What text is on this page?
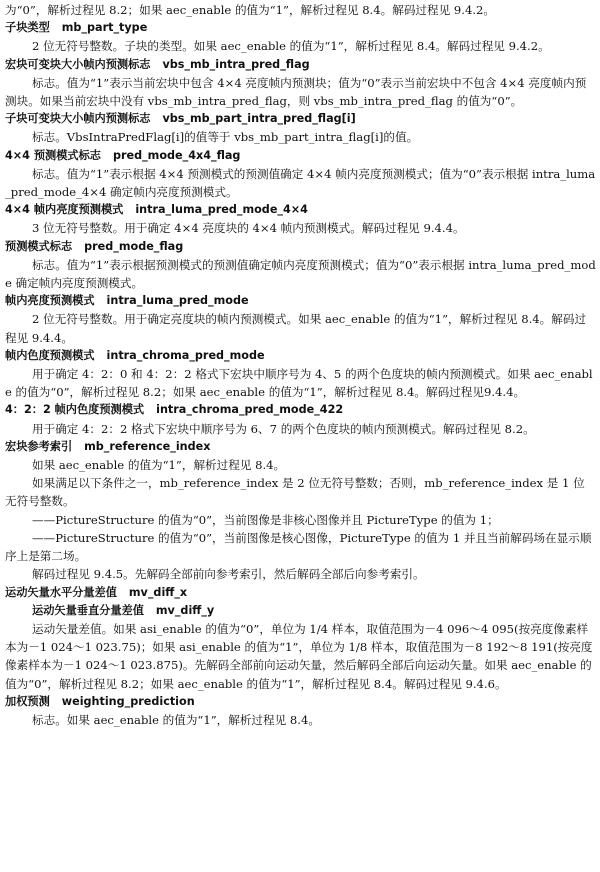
为“0”，解析过程见 8.2；如果 aec_enable 的值为“1”，解析过程见 8.4。解码过程见 9.4.2。
子块类型 mb_part_type
2 位无符号整数。子块的类型。如果 aec_enable 的值为“1”，解析过程见 8.4。解码过程见 9.4.2。
宏块可变块大小帧内预测标志 vbs_mb_intra_pred_flag
标志。值为“1”表示当前宏块中包含 4×4 亮度帧内预测块；值为“0”表示当前宏块中不包含 4×4 亮度帧内预测块。如果当前宏块中没有 vbs_mb_intra_pred_flag，则 vbs_mb_intra_pred_flag 的值为“0”。
子块可变块大小帧内预测标志 vbs_mb_part_intra_pred_flag[i]
标志。VbsIntraPredFlag[i]的值等于 vbs_mb_part_intra_flag[i]的值。
4×4 预测模式标志 pred_mode_4x4_flag
标志。值为“1”表示根据 4×4 预测模式的预测值确定 4×4 帧内亮度预测模式；值为“0”表示根据 intra_luma_pred_mode_4×4 确定帧内亮度预测模式。
4×4 帧内亮度预测模式 intra_luma_pred_mode_4×4
3 位无符号整数。用于确定 4×4 亮度块的 4×4 帧内预测模式。解码过程见 9.4.4。
预测模式标志 pred_mode_flag
标志。值为“1”表示根据预测模式的预测值确定帧内亮度预测模式；值为“0”表示根据 intra_luma_pred_mode 确定帧内亮度预测模式。
帧内亮度预测模式 intra_luma_pred_mode
2 位无符号整数。用于确定亮度块的帧内预测模式。如果 aec_enable 的值为“1”，解析过程见 8.4。解码过程见 9.4.4。
帧内色度预测模式 intra_chroma_pred_mode
用于确定 4：2：0 和 4：2：2 格式下宏块中顺序号为 4、5 的两个色度块的帧内预测模式。如果 aec_enable 的值为“0”，解析过程见 8.2；如果 aec_enable 的值为“1”，解析过程见 8.4。解码过程见9.4.4。
4：2：2 帧内色度预测模式 intra_chroma_pred_mode_422
用于确定 4：2：2 格式下宏块中顺序号为 6、7 的两个色度块的帧内预测模式。解码过程见 8.2。
宏块参考索引 mb_reference_index
如果 aec_enable 的值为“1”，解析过程见 8.4。
如果满足以下条件之一，mb_reference_index 是 2 位无符号整数；否则，mb_reference_index 是 1 位无符号整数。
——PictureStructure 的值为“0”，当前图像是非核心图像并且 PictureType 的值为 1；
——PictureStructure 的值为“0”，当前图像是核心图像，PictureType 的值为 1 并且当前解码场在显示顺序上是第二场。
解码过程见 9.4.5。先解码全部前向参考索引，然后解码全部后向参考索引。
运动矢量水平分量差值 mv_diff_x
运动矢量垂直分量差值 mv_diff_y
运动矢量差值。如果 asi_enable 的值为“0”，单位为 1/4 样本，取值范围为－4 096～4 095(按亮度像素样本为－1 024～1 023.75)；如果 asi_enable 的值为“1”，单位为 1/8 样本，取值范围为－8 192～8 191(按亮度像素样本为－1 024～1 023.875)。先解码全部前向运动矢量，然后解码全部后向运动矢量。如果 aec_enable 的值为“0”，解析过程见 8.2；如果 aec_enable 的值为“1”，解析过程见 8.4。解码过程见 9.4.6。
加权预测 weighting_prediction
标志。如果 aec_enable 的值为“1”，解析过程见 8.4。
